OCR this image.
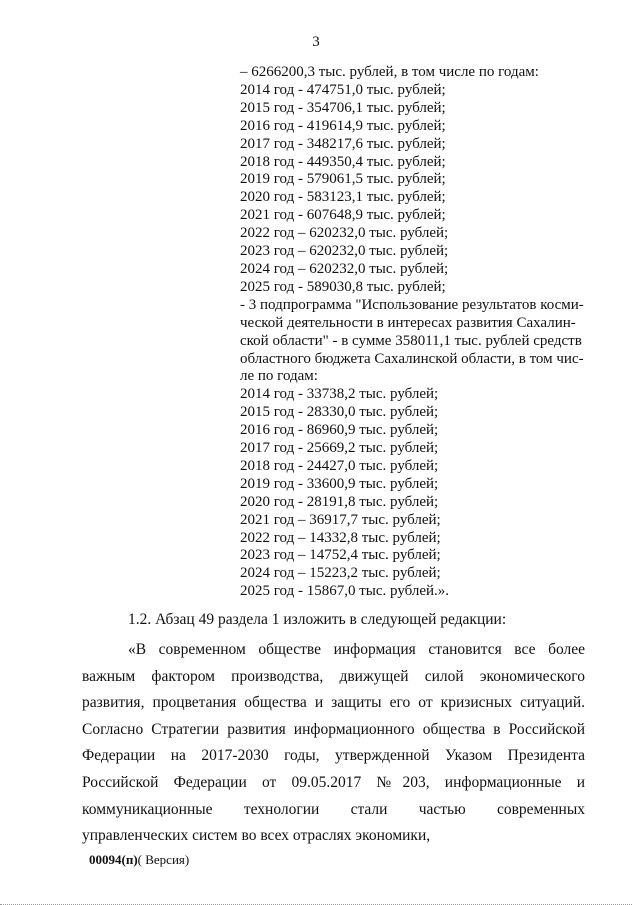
3
– 6266200,3 тыс. рублей, в том числе по годам:
2014 год - 474751,0 тыс. рублей;
2015 год - 354706,1 тыс. рублей;
2016 год - 419614,9 тыс. рублей;
2017 год - 348217,6 тыс. рублей;
2018 год - 449350,4 тыс. рублей;
2019 год - 579061,5 тыс. рублей;
2020 год - 583123,1 тыс. рублей;
2021 год - 607648,9 тыс. рублей;
2022 год – 620232,0 тыс. рублей;
2023 год – 620232,0 тыс. рублей;
2024 год – 620232,0 тыс. рублей;
2025 год - 589030,8 тыс. рублей;
- 3 подпрограмма "Использование результатов косми-
ческой деятельности в интересах развития Сахалин-
ской области" - в сумме 358011,1 тыс. рублей средств
областного бюджета Сахалинской области, в том чис-
ле по годам:
2014 год - 33738,2 тыс. рублей;
2015 год - 28330,0 тыс. рублей;
2016 год - 86960,9 тыс. рублей;
2017 год - 25669,2 тыс. рублей;
2018 год - 24427,0 тыс. рублей;
2019 год - 33600,9 тыс. рублей;
2020 год - 28191,8 тыс. рублей;
2021 год – 36917,7 тыс. рублей;
2022 год – 14332,8 тыс. рублей;
2023 год – 14752,4 тыс. рублей;
2024 год – 15223,2 тыс. рублей;
2025 год - 15867,0 тыс. рублей.».
1.2. Абзац 49 раздела 1 изложить в следующей редакции:
«В современном обществе информация становится все более важным фактором производства, движущей силой экономического развития, процветания общества и защиты его от кризисных ситуаций. Согласно Стратегии развития информационного общества в Российской Федерации на 2017-2030 годы, утвержденной Указом Президента Российской Федерации от 09.05.2017 №203, информационные и коммуникационные технологии стали частью современных управленческих систем во всех отраслях экономики,
00094(п)( Версия)
